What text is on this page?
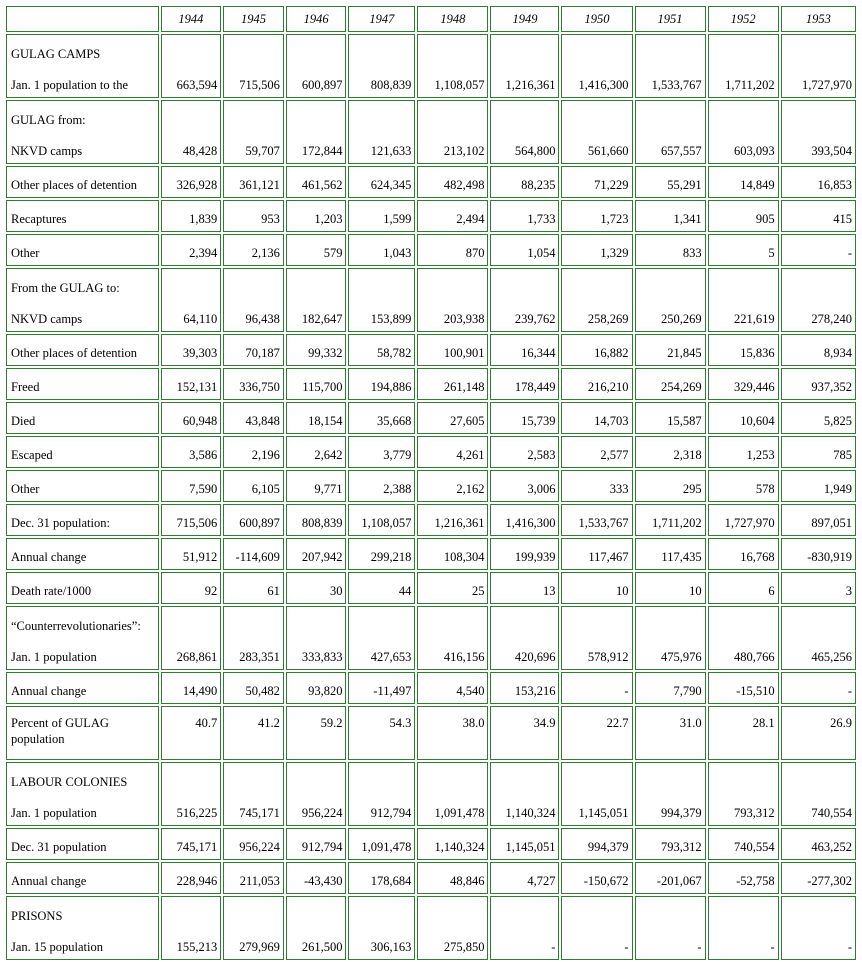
	1944	1945	1946	1947	1948	1949	1950	1951	1952	1953

GULAG CAMPS
Jan. 1 population to the	663,594	715,506	600,897	808,839	1,108,057	1,216,361	1,416,300	1,533,767	1,711,202	1,727,970

GULAG from:
NKVD camps	48,428	59,707	172,844	121,633	213,102	564,800	561,660	657,557	603,093	393,504

Other places of detention	326,928	361,121	461,562	624,345	482,498	88,235	71,229	55,291	14,849	16,853

Recaptures	1,839	953	1,203	1,599	2,494	1,733	1,723	1,341	905	415

Other	2,394	2,136	579	1,043	870	1,054	1,329	833	5	-

From the GULAG to:
NKVD camps	64,110	96,438	182,647	153,899	203,938	239,762	258,269	250,269	221,619	278,240

Other places of detention	39,303	70,187	99,332	58,782	100,901	16,344	16,882	21,845	15,836	8,934

Freed	152,131	336,750	115,700	194,886	261,148	178,449	216,210	254,269	329,446	937,352

Died	60,948	43,848	18,154	35,668	27,605	15,739	14,703	15,587	10,604	5,825

Escaped	3,586	2,196	2,642	3,779	4,261	2,583	2,577	2,318	1,253	785

Other	7,590	6,105	9,771	2,388	2,162	3,006	333	295	578	1,949

Dec. 31 population:	715,506	600,897	808,839	1,108,057	1,216,361	1,416,300	1,533,767	1,711,202	1,727,970	897,051

Annual change	51,912	-114,609	207,942	299,218	108,304	199,939	117,467	117,435	16,768	-830,919

Death rate/1000	92	61	30	44	25	13	10	10	6	3

“Counterrevolutionaries”:
Jan. 1 population	268,861	283,351	333,833	427,653	416,156	420,696	578,912	475,976	480,766	465,256

Annual change	14,490	50,482	93,820	-11,497	4,540	153,216	-	7,790	-15,510	-

Percent of GULAG population	40.7	41.2	59.2	54.3	38.0	34.9	22.7	31.0	28.1	26.9

LABOUR COLONIES
Jan. 1 population	516,225	745,171	956,224	912,794	1,091,478	1,140,324	1,145,051	994,379	793,312	740,554

Dec. 31 population	745,171	956,224	912,794	1,091,478	1,140,324	1,145,051	994,379	793,312	740,554	463,252

Annual change	228,946	211,053	-43,430	178,684	48,846	4,727	-150,672	-201,067	-52,758	-277,302

PRISONS
Jan. 15 population	155,213	279,969	261,500	306,163	275,850	-	-	-	-	-
